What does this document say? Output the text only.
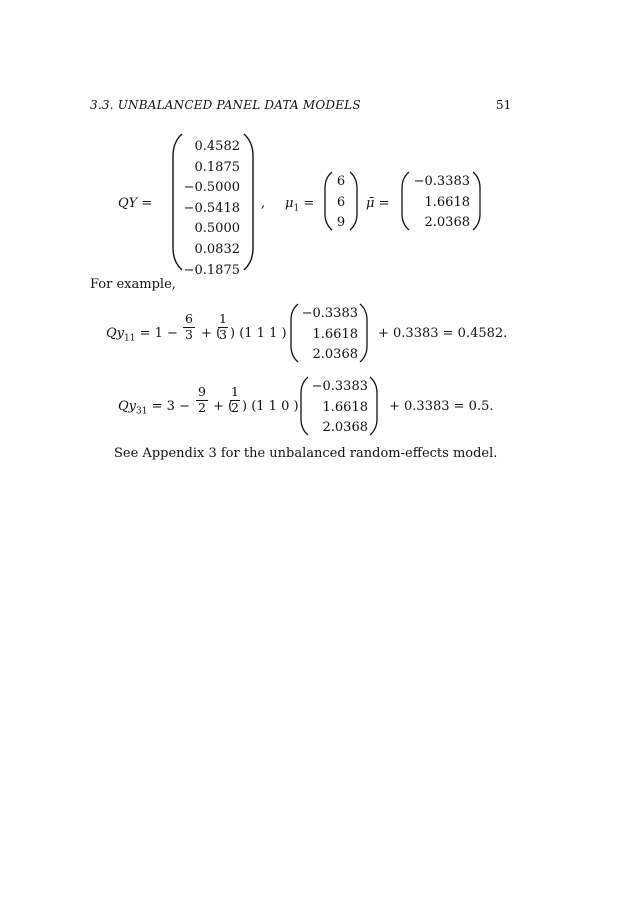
3.3. UNBALANCED PANEL DATA MODELS	51
QY =
0.4582
0.1875
−0.5000
−0.5418
0.5000
0.0832
−0.1875
, $\mu_1$ =
6
6
9
μ̄ =
−0.3383
1.6618
2.0368
For example,
$Qy_{11} = 1$ −
6
3 + (
1
3 ) (1 1 1 )
−0.3383
1.6618
2.0368
+ 0.3383 = 0.4582.
$Qy_{31} = 3$ −
9
2 + (
1
2 ) (1 1 0 )
−0.3383
1.6618
2.0368
+ 0.3383 = 0.5.
See Appendix 3 for the unbalanced random-effects model.
